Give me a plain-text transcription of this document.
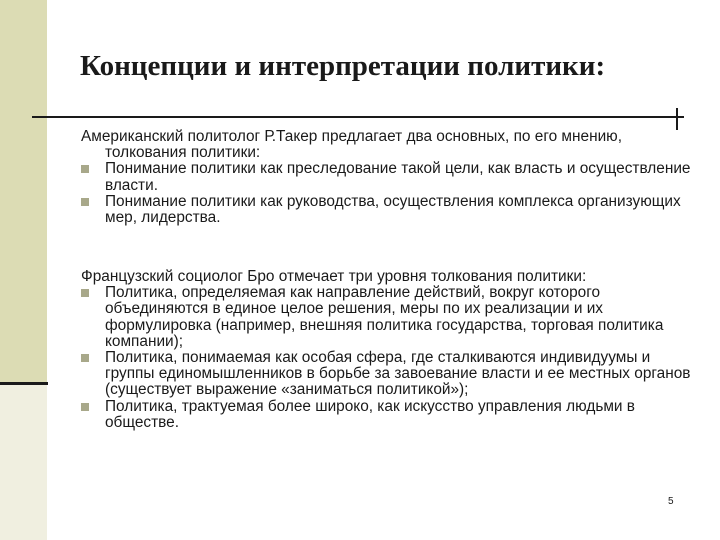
Концепции и интерпретации политики:

Американский политолог Р.Такер предлагает два основных, по его мнению, толкования политики:

Понимание политики как преследование такой цели, как власть и осуществление власти.
Понимание политики как руководства, осуществления комплекса организующих мер, лидерства.

Французский социолог Бро отмечает три уровня толкования политики:

Политика, определяемая как направление действий, вокруг которого объединяются в единое целое решения, меры по их реализации и их формулировка (например, внешняя политика государства, торговая политика компании);
Политика, понимаемая как особая сфера, где сталкиваются индивидуумы и группы единомышленников в борьбе за завоевание власти и ее местных органов (существует выражение «заниматься политикой»);
Политика, трактуемая более широко, как искусство управления людьми в обществе.
5
